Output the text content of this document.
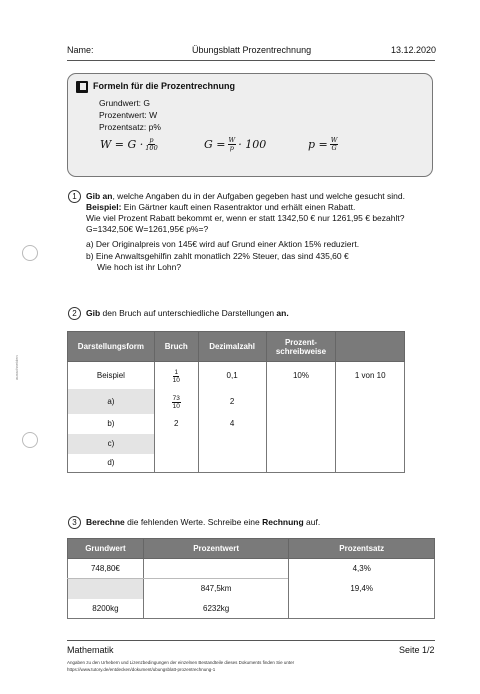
Name:	Übungsblatt Prozentrechnung	13.12.2020
Formeln für die Prozentrechnung
Grundwert: G
Prozentwert: W
Prozentsatz: p%
$W = G \cdot \frac{p}{100}$	$G = \frac{W}{p} \cdot 100$	$p = \frac{W}{G}$
1	Gib an, welche Angaben du in der Aufgaben gegeben hast und welche gesucht sind.
Beispiel: Ein Gärtner kauft einen Rasentraktor und erhält einen Rabatt.
Wie viel Prozent Rabatt bekommt er, wenn er statt 1342,50 € nur 1261,95 € bezahlt?
G=1342,50€ W=1261,95€ p%=?
a) Der Originalpreis von 145€ wird auf Grund einer Aktion 15% reduziert.
b) Eine Anwaltsgehilfin zahlt monatlich 22% Steuer, das sind 435,60 €
Wie hoch ist ihr Lohn?
ausschneiden
2	Gib den Bruch auf unterschiedliche Darstellungen an.
Darstellungsform	Bruch	Dezimalzahl	Prozent-
schreibweise	
Beispiel	$\frac{1}{10}$	0,1	10%	1 von 10
a)	$\frac{73}{10}$	2		
b)	2	4		
c)				
d)				
3	Berechne die fehlenden Werte. Schreibe eine Rechnung auf.
Grundwert	Prozentwert	Prozentsatz
748,80€		4,3%
	847,5km	19,4%
8200kg	6232kg	
Mathematik	Seite 1/2
Angaben zu den Urhebern und Lizenzbedingungen der einzelnen Bestandteile dieses Dokuments finden Sie unter
https://www.tutory.de/entdecken/dokument/ubungsblatt-prozentrechnung-1
